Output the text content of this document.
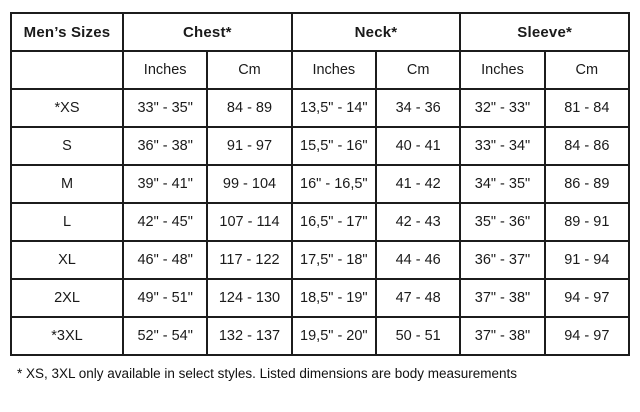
Men’s Sizes	Chest*		Neck*		Sleeve*	
	Inches	Cm	Inches	Cm	Inches	Cm
*XS	33" - 35"	84 - 89	13,5" - 14"	34 - 36	32" - 33"	81 - 84
S	36" - 38"	91 - 97	15,5" - 16"	40 - 41	33" - 34"	84 - 86
M	39" - 41"	99 - 104	16" - 16,5"	41 - 42	34" - 35"	86 - 89
L	42" - 45"	107 - 114	16,5" - 17"	42 - 43	35" - 36"	89 - 91
XL	46" - 48"	117 - 122	17,5" - 18"	44 - 46	36" - 37"	91 - 94
2XL	49" - 51"	124 - 130	18,5" - 19"	47 - 48	37" - 38"	94 - 97
*3XL	52" - 54"	132 - 137	19,5" - 20"	50 - 51	37" - 38"	94 - 97
* XS, 3XL only available in select styles. Listed dimensions are body measurements
